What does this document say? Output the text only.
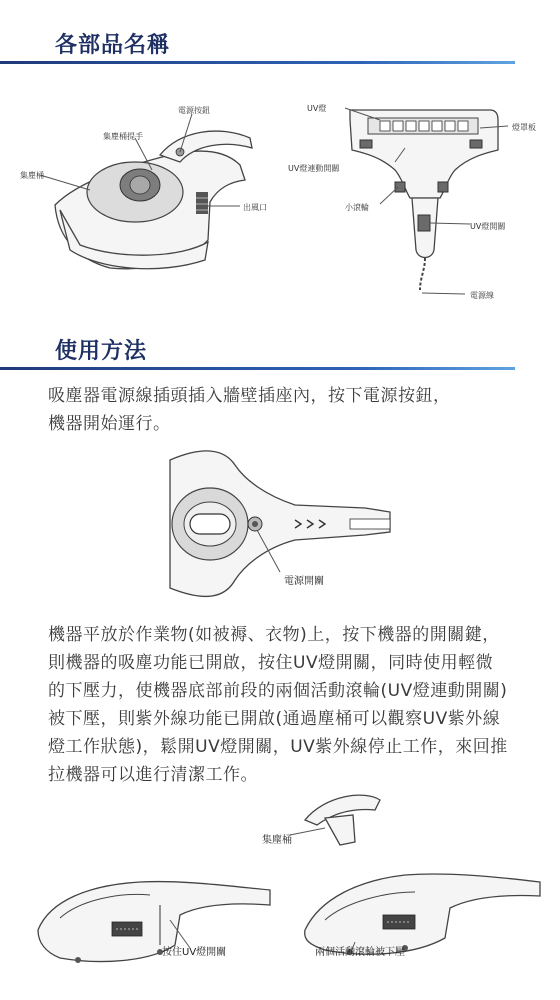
各部品名稱
電源按鈕
集塵桶提手
集塵桶
出風口
UV燈
燈罩板
UV燈連動開關
小滾輪
UV燈開關
電源線
使用方法
吸塵器電源線插頭插入牆壁插座內，按下電源按鈕，
機器開始運行。
電源開關
機器平放於作業物(如被褥、衣物)上，按下機器的開關鍵，
則機器的吸塵功能已開啟，按住UV燈開關，同時使用輕微
的下壓力，使機器底部前段的兩個活動滾輪(UV燈連動開關)
被下壓，則紫外線功能已開啟(通過塵桶可以觀察UV紫外線
燈工作狀態)，鬆開UV燈開關，UV紫外線停止工作，來回推
拉機器可以進行清潔工作。
按住UV燈開關
集塵桶
兩個活動滾輪被下壓
